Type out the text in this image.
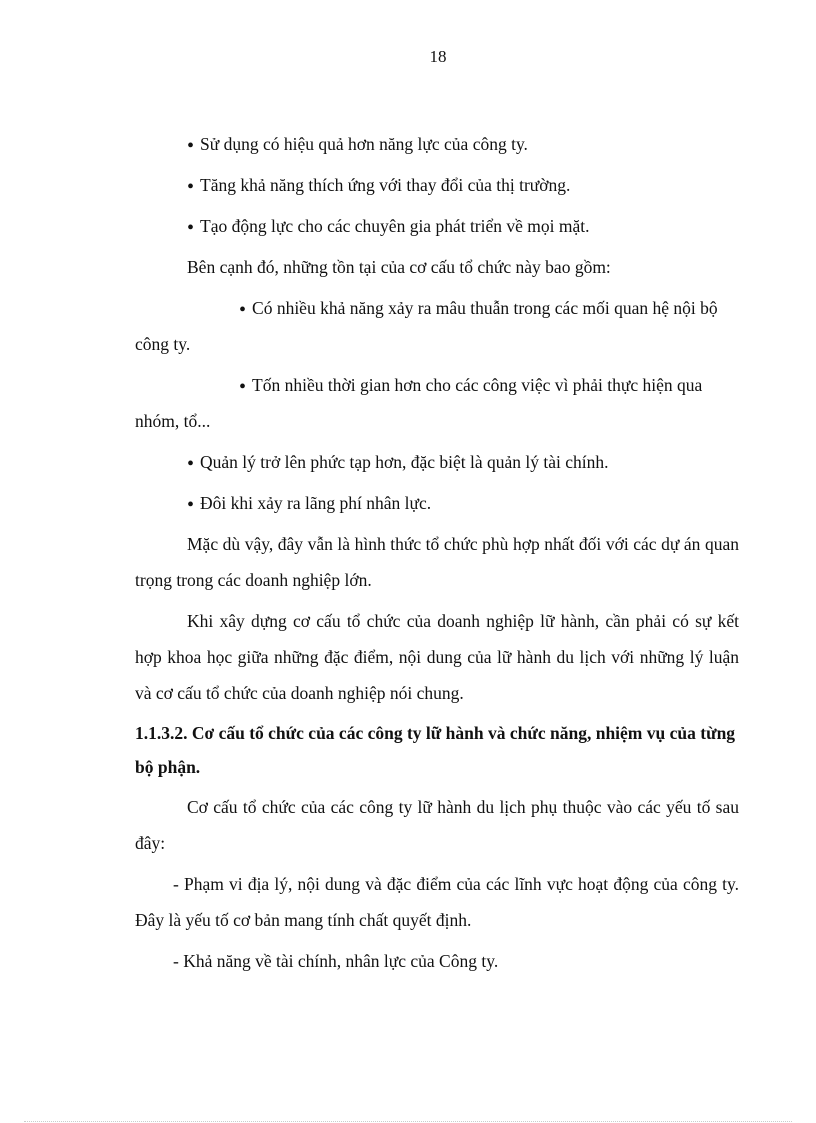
18

• Sử dụng có hiệu quả hơn năng lực của công ty.

• Tăng khả năng thích ứng với thay đổi của thị trường.

• Tạo động lực cho các chuyên gia phát triển về mọi mặt.

Bên cạnh đó, những tồn tại của cơ cấu tổ chức này bao gồm:

• Có nhiều khả năng xảy ra mâu thuẫn trong các mối quan hệ nội bộ công ty.

• Tốn nhiều thời gian hơn cho các công việc vì phải thực hiện qua nhóm, tổ...

• Quản lý trở lên phức tạp hơn, đặc biệt là quản lý tài chính.

• Đôi khi xảy ra lãng phí nhân lực.

Mặc dù vậy, đây vẫn là hình thức tổ chức phù hợp nhất đối với các dự án quan trọng trong các doanh nghiệp lớn.

Khi xây dựng cơ cấu tổ chức của doanh nghiệp lữ hành, cần phải có sự kết hợp khoa học giữa những đặc điểm, nội dung của lữ hành du lịch với những lý luận và cơ cấu tổ chức của doanh nghiệp nói chung.

1.1.3.2. Cơ cấu tổ chức của các công ty lữ hành và chức năng, nhiệm vụ của từng bộ phận.

Cơ cấu tổ chức của các công ty lữ hành du lịch phụ thuộc vào các yếu tố sau đây:

- Phạm vi địa lý, nội dung và đặc điểm của các lĩnh vực hoạt động của công ty. Đây là yếu tố cơ bản mang tính chất quyết định.

- Khả năng về tài chính, nhân lực của Công ty.
